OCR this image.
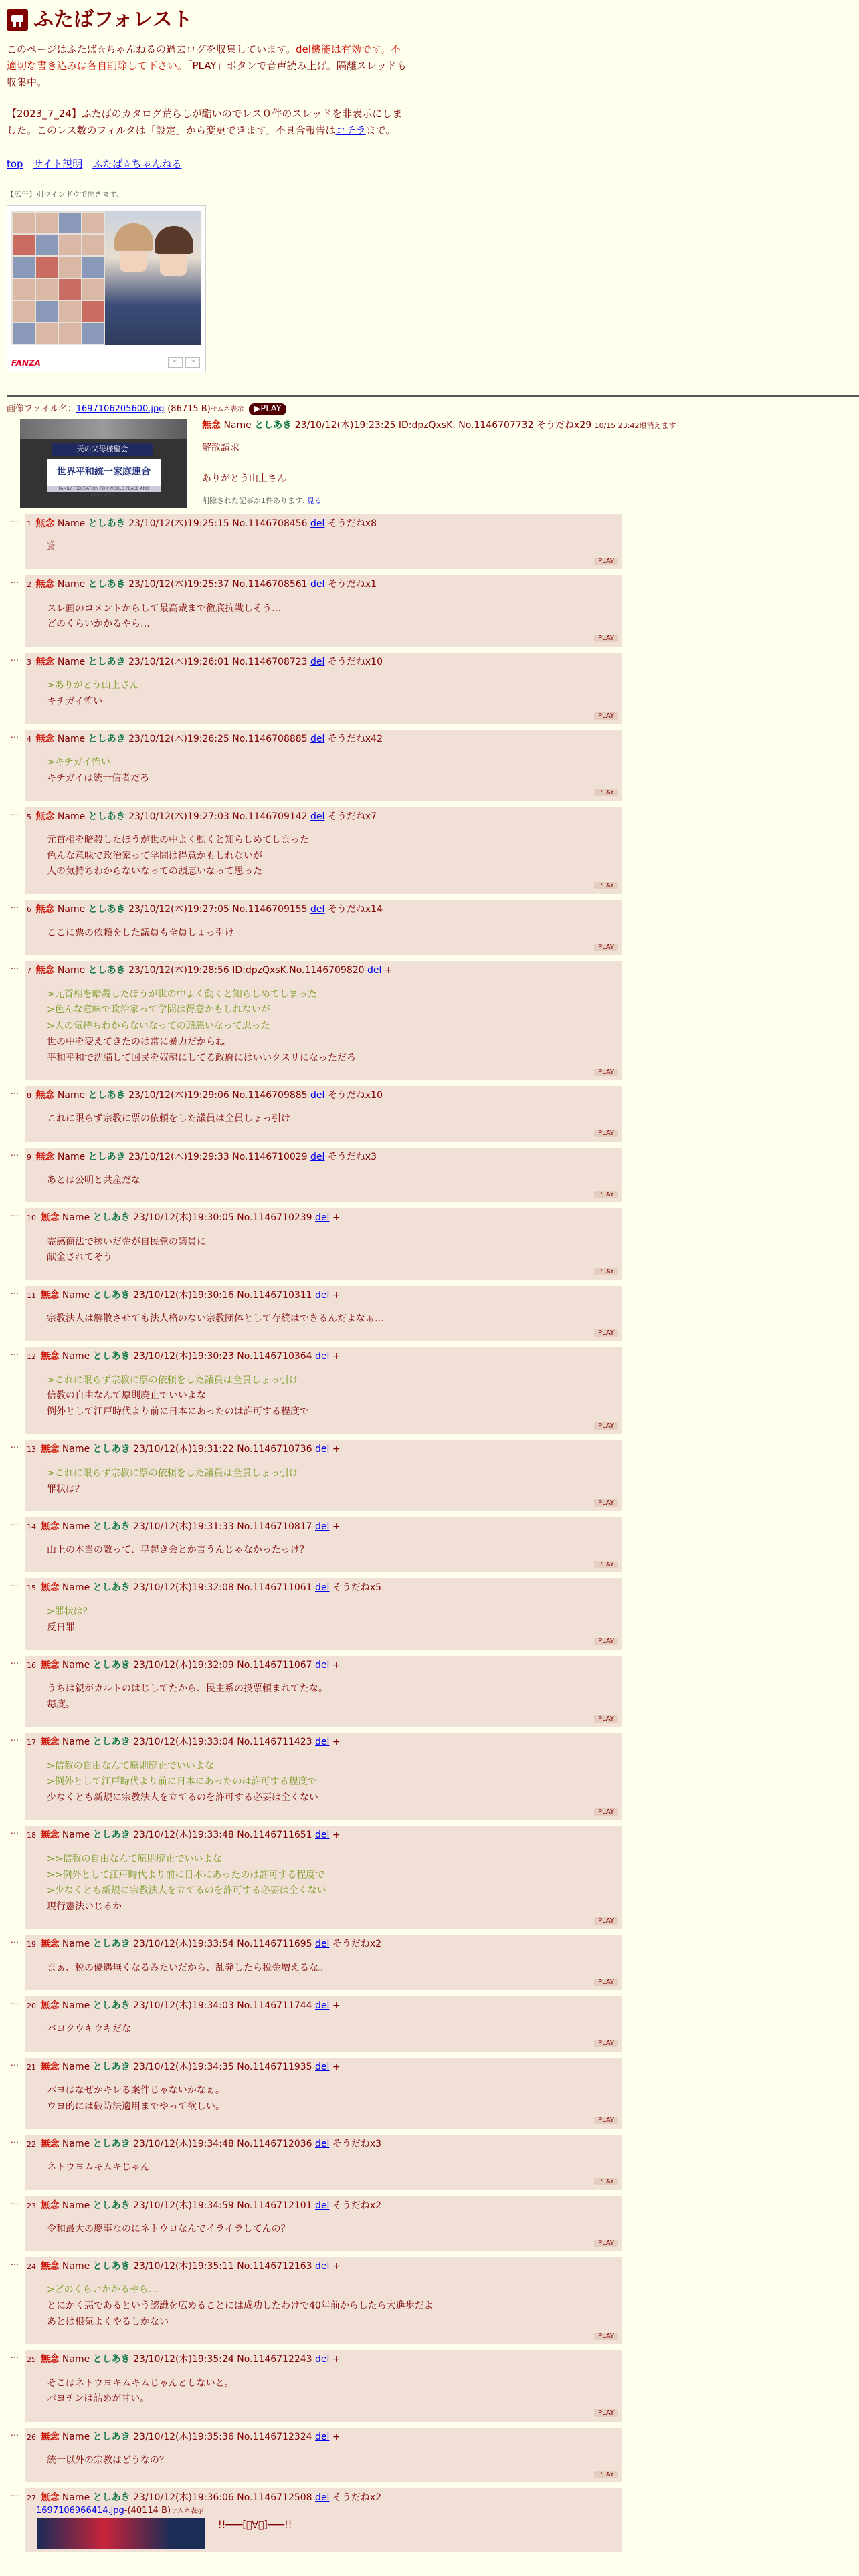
ふたばフォレスト
このページはふたば☆ちゃんねるの過去ログを収集しています。del機能は有効です。不適切な書き込みは各自削除して下さい。「PLAY」ボタンで音声読み上げ。隔離スレッドも収集中。
【2023_7_24】ふたばのカタログ荒らしが酷いのでレス０件のスレッドを非表示にしました。このレス数のフィルタは「設定」から変更できます。不具合報告はコチラまで。
top サイト説明 ふたば☆ちゃんねる
【広告】別ウインドウで開きます。
FANZA	<	>
画像ファイル名：1697106205600.jpg-(86715 B)サムネ表示 ▶PLAY
天の父母様聖会
世界平和統一家庭連合
FAMILY FEDERATION FOR WORLD PEACE AND UNIFICATION
無念 Name としあき 23/10/12(木)19:23:25 ID:dpzQxsK. No.1146707732 そうだねx29 10/15 23:42頃消えます

解散請求

ありがとう山上さん

削除された記事が1件あります. 見る
… 1 無念 Name としあき 23/10/12(木)19:25:15 No.1146708456 del そうだねx8
𓀀
PLAY
… 2 無念 Name としあき 23/10/12(木)19:25:37 No.1146708561 del そうだねx1
スレ画のコメントからして最高裁まで徹底抗戦しそう…
どのくらいかかるやら…
PLAY
… 3 無念 Name としあき 23/10/12(木)19:26:01 No.1146708723 del そうだねx10
>ありがとう山上さん
キチガイ怖い
PLAY
… 4 無念 Name としあき 23/10/12(木)19:26:25 No.1146708885 del そうだねx42
>キチガイ怖い
キチガイは統一信者だろ
PLAY
… 5 無念 Name としあき 23/10/12(木)19:27:03 No.1146709142 del そうだねx7
元首相を暗殺したほうが世の中よく動くと知らしめてしまった
色んな意味で政治家って学問は得意かもしれないが
人の気持ちわからないなっての頭悪いなって思った
PLAY
… 6 無念 Name としあき 23/10/12(木)19:27:05 No.1146709155 del そうだねx14
ここに票の依頼をした議員も全員しょっ引け
PLAY
… 7 無念 Name としあき 23/10/12(木)19:28:56 ID:dpzQxsK.No.1146709820 del +
>元首相を暗殺したほうが世の中よく動くと知らしめてしまった
>色んな意味で政治家って学問は得意かもしれないが
>人の気持ちわからないなっての頭悪いなって思った
世の中を変えてきたのは常に暴力だからね
平和平和で洗脳して国民を奴隷にしてる政府にはいいクスリになっただろ
PLAY
… 8 無念 Name としあき 23/10/12(木)19:29:06 No.1146709885 del そうだねx10
これに限らず宗教に票の依頼をした議員は全員しょっ引け
PLAY
… 9 無念 Name としあき 23/10/12(木)19:29:33 No.1146710029 del そうだねx3
あとは公明と共産だな
PLAY
… 10 無念 Name としあき 23/10/12(木)19:30:05 No.1146710239 del +
霊感商法で稼いだ金が自民党の議員に
献金されてそう
PLAY
… 11 無念 Name としあき 23/10/12(木)19:30:16 No.1146710311 del +
宗教法人は解散させても法人格のない宗教団体として存続はできるんだよなぁ…
PLAY
… 12 無念 Name としあき 23/10/12(木)19:30:23 No.1146710364 del +
>これに限らず宗教に票の依頼をした議員は全員しょっ引け
信教の自由なんて原則廃止でいいよな
例外として江戸時代より前に日本にあったのは許可する程度で
PLAY
… 13 無念 Name としあき 23/10/12(木)19:31:22 No.1146710736 del +
>これに限らず宗教に票の依頼をした議員は全員しょっ引け
罪状は？
PLAY
… 14 無念 Name としあき 23/10/12(木)19:31:33 No.1146710817 del +
山上の本当の敵って、早起き会とか言うんじゃなかったっけ？
PLAY
… 15 無念 Name としあき 23/10/12(木)19:32:08 No.1146711061 del そうだねx5
>罪状は？
反日罪
PLAY
… 16 無念 Name としあき 23/10/12(木)19:32:09 No.1146711067 del +
うちは親がカルトのはじしてたから、民主系の投票頼まれてたな。
毎度。
PLAY
… 17 無念 Name としあき 23/10/12(木)19:33:04 No.1146711423 del +
>信教の自由なんて原則廃止でいいよな
>例外として江戸時代より前に日本にあったのは許可する程度で
少なくとも新規に宗教法人を立てるのを許可する必要は全くない
PLAY
… 18 無念 Name としあき 23/10/12(木)19:33:48 No.1146711651 del +
>>信教の自由なんて原則廃止でいいよな
>>例外として江戸時代より前に日本にあったのは許可する程度で
>少なくとも新規に宗教法人を立てるのを許可する必要は全くない
現行憲法いじるか
PLAY
… 19 無念 Name としあき 23/10/12(木)19:33:54 No.1146711695 del そうだねx2
まぁ、税の優遇無くなるみたいだから、乱発したら税金増えるな。
PLAY
… 20 無念 Name としあき 23/10/12(木)19:34:03 No.1146711744 del +
バヨクウキウキだな
PLAY
… 21 無念 Name としあき 23/10/12(木)19:34:35 No.1146711935 del +
パヨはなぜかキレる案件じゃないかなぁ。
ウヨ的には破防法適用までやって欲しい。
PLAY
… 22 無念 Name としあき 23/10/12(木)19:34:48 No.1146712036 del そうだねx3
ネトウヨムキムキじゃん
PLAY
… 23 無念 Name としあき 23/10/12(木)19:34:59 No.1146712101 del そうだねx2
令和最大の慶事なのにネトウヨなんでイライラしてんの？
PLAY
… 24 無念 Name としあき 23/10/12(木)19:35:11 No.1146712163 del +
>どのくらいかかるやら…
とにかく悪であるという認識を広めることには成功したわけで40年前からしたら大進歩だよ
あとは根気よくやるしかない
PLAY
… 25 無念 Name としあき 23/10/12(木)19:35:24 No.1146712243 del +
そこはネトウヨキムキムじゃんとしないと。
パヨチンは詰めが甘い。
PLAY
… 26 無念 Name としあき 23/10/12(木)19:35:36 No.1146712324 del +
統一以外の宗教はどうなの？
PLAY
… 27 無念 Name としあき 23/10/12(木)19:36:06 No.1146712508 del そうだねx2
1697106966414.jpg-(40114 B)サムネ表示
!!━━━[ﾟ∀ﾟ]━━━!!
